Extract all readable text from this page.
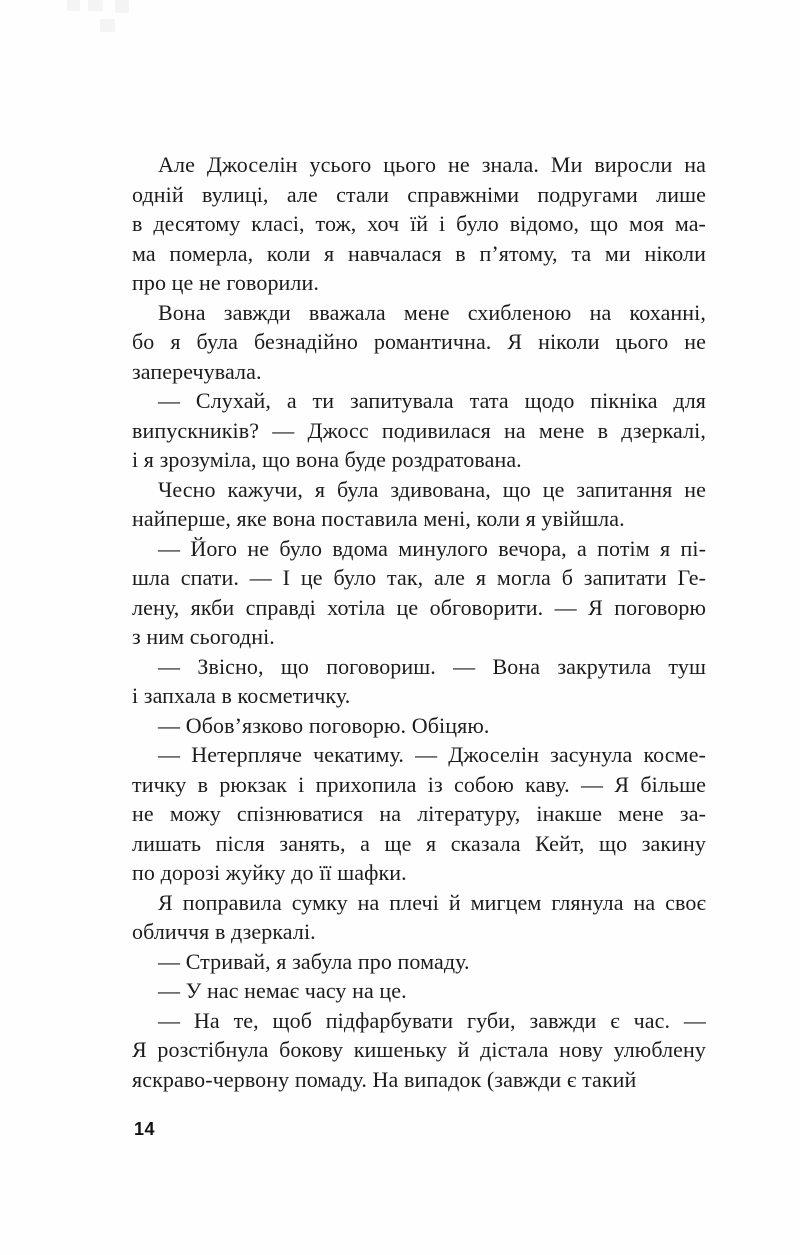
Але Джоселін усього цього не знала. Ми виросли на
одній вулиці, але стали справжніми подругами лише
в десятому класі, тож, хоч їй і було відомо, що моя ма-
ма померла, коли я навчалася в п’ятому, та ми ніколи
про це не говорили.
Вона завжди вважала мене схибленою на коханні,
бо я була безнадійно романтична. Я ніколи цього не
заперечувала.
— Слухай, а ти запитувала тата щодо пікніка для
випускників? — Джосс подивилася на мене в дзеркалі,
і я зрозуміла, що вона буде роздратована.
Чесно кажучи, я була здивована, що це запитання не
найперше, яке вона поставила мені, коли я увійшла.
— Його не було вдома минулого вечора, а потім я пі-
шла спати. — І це було так, але я могла б запитати Ге-
лену, якби справді хотіла це обговорити. — Я поговорю
з ним сьогодні.
— Звісно, що поговориш. — Вона закрутила туш
і запхала в косметичку.
— Обов’язково поговорю. Обіцяю.
— Нетерпляче чекатиму. — Джоселін засунула косме-
тичку в рюкзак і прихопила із собою каву. — Я більше
не можу спізнюватися на літературу, інакше мене за-
лишать після занять, а ще я сказала Кейт, що закину
по дорозі жуйку до її шафки.
Я поправила сумку на плечі й мигцем глянула на своє
обличчя в дзеркалі.
— Стривай, я забула про помаду.
— У нас немає часу на це.
— На те, щоб підфарбувати губи, завжди є час. —
Я розстібнула бокову кишеньку й дістала нову улюблену
яскраво-червону помаду. На випадок (завжди є такий
14
